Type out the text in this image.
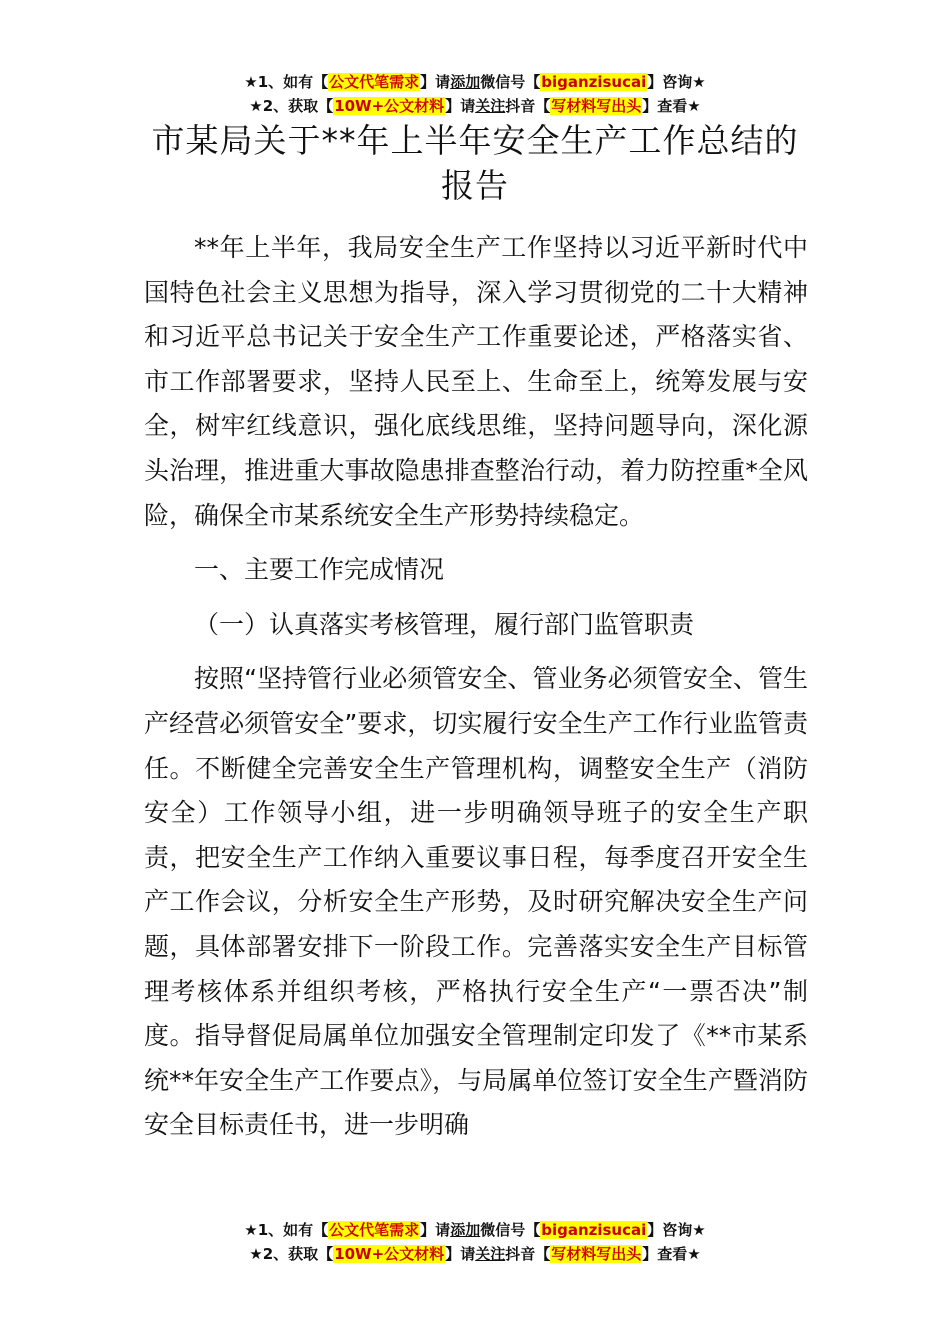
★1、如有【公文代笔需求】请添加微信号【biganzisucai】咨询★
★2、获取【10W+公文材料】请关注抖音【写材料写出头】查看★
市某局关于**年上半年安全生产工作总结的报告

**年上半年，我局安全生产工作坚持以习近平新时代中国特色社会主义思想为指导，深入学习贯彻党的二十大精神和习近平总书记关于安全生产工作重要论述，严格落实省、市工作部署要求，坚持人民至上、生命至上，统筹发展与安全，树牢红线意识，强化底线思维，坚持问题导向，深化源头治理，推进重大事故隐患排查整治行动，着力防控重*全风险，确保全市某系统安全生产形势持续稳定。

一、主要工作完成情况

（一）认真落实考核管理，履行部门监管职责

按照“坚持管行业必须管安全、管业务必须管安全、管生产经营必须管安全”要求，切实履行安全生产工作行业监管责任。不断健全完善安全生产管理机构，调整安全生产（消防安全）工作领导小组，进一步明确领导班子的安全生产职责，把安全生产工作纳入重要议事日程，每季度召开安全生产工作会议，分析安全生产形势，及时研究解决安全生产问题，具体部署安排下一阶段工作。完善落实安全生产目标管理考核体系并组织考核，严格执行安全生产“一票否决”制度。指导督促局属单位加强安全管理制定印发了《**市某系统**年安全生产工作要点》，与局属单位签订安全生产暨消防安全目标责任书，进一步明确

★1、如有【公文代笔需求】请添加微信号【biganzisucai】咨询★
★2、获取【10W+公文材料】请关注抖音【写材料写出头】查看★
